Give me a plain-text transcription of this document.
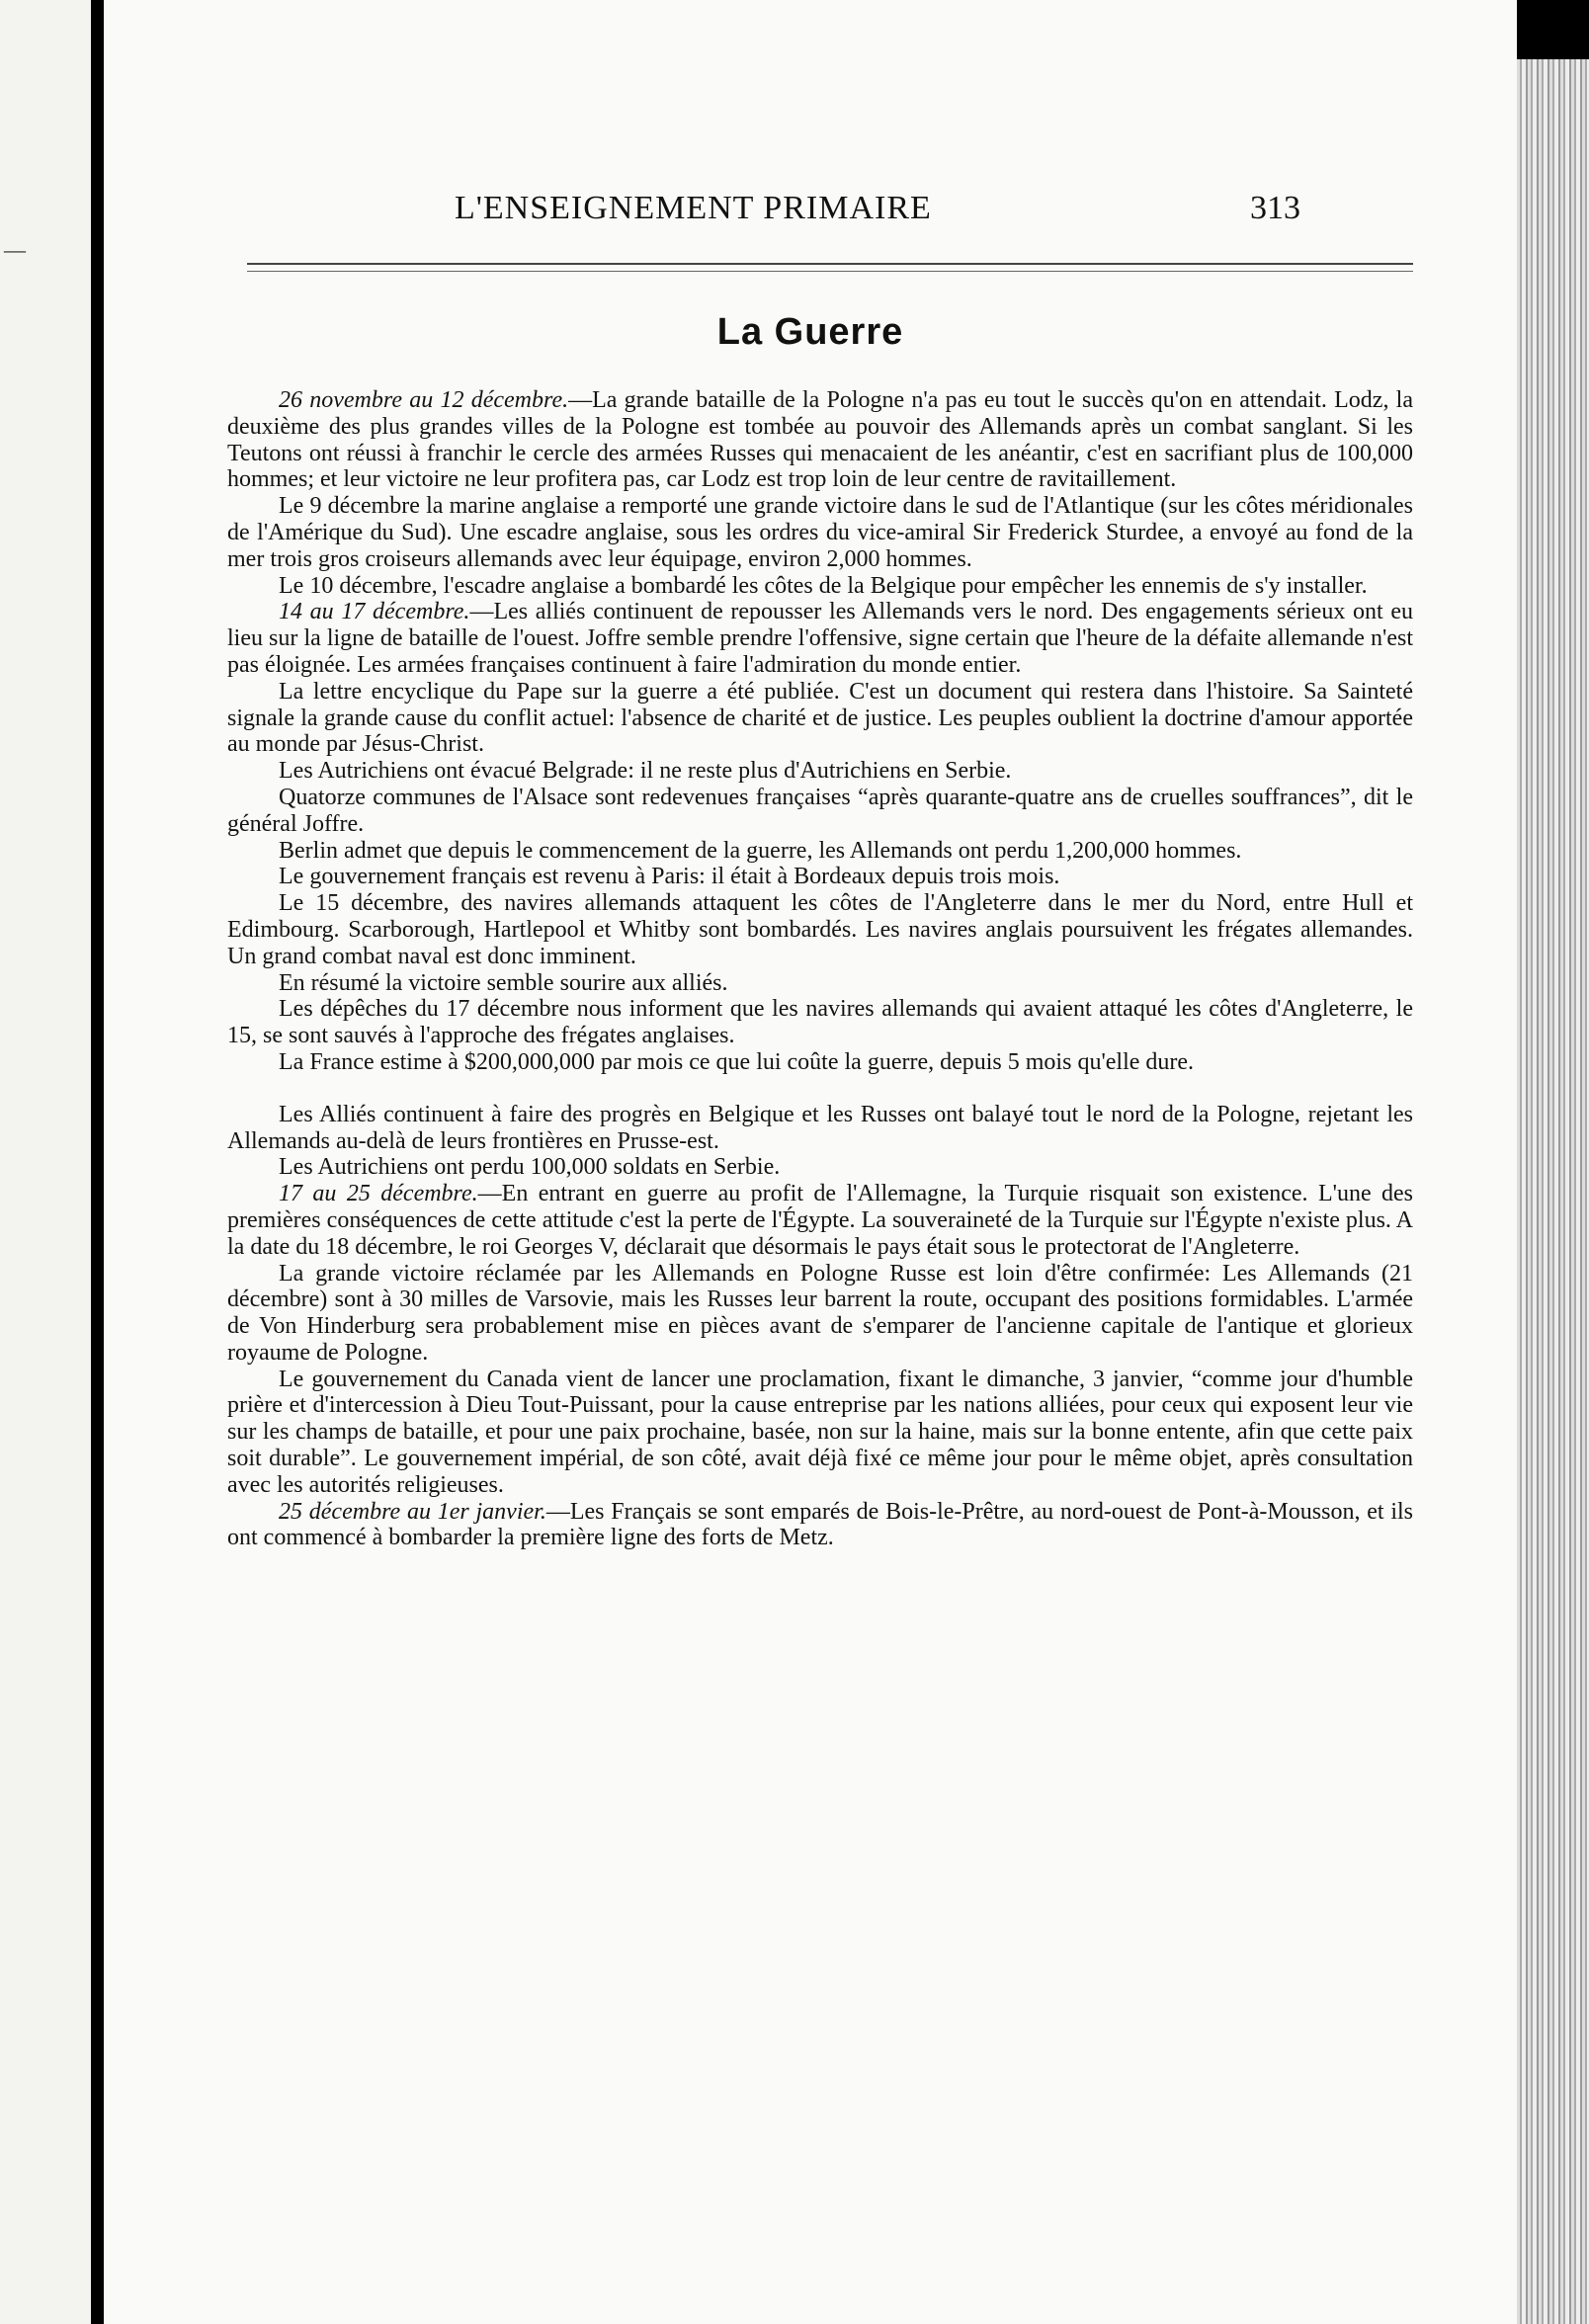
—
L'ENSEIGNEMENT PRIMAIRE	313
La Guerre

26 novembre au 12 décembre.—La grande bataille de la Pologne n'a pas eu tout le succès qu'on en attendait. Lodz, la deuxième des plus grandes villes de la Pologne est tombée au pouvoir des Allemands après un combat sanglant. Si les Teutons ont réussi à franchir le cercle des armées Russes qui menacaient de les anéantir, c'est en sacrifiant plus de 100,000 hommes; et leur victoire ne leur profitera pas, car Lodz est trop loin de leur centre de ravitaillement.

Le 9 décembre la marine anglaise a remporté une grande victoire dans le sud de l'Atlantique (sur les côtes méridionales de l'Amérique du Sud). Une escadre anglaise, sous les ordres du vice-amiral Sir Frederick Sturdee, a envoyé au fond de la mer trois gros croiseurs allemands avec leur équipage, environ 2,000 hommes.

Le 10 décembre, l'escadre anglaise a bombardé les côtes de la Belgique pour empêcher les ennemis de s'y installer.

14 au 17 décembre.—Les alliés continuent de repousser les Allemands vers le nord. Des engagements sérieux ont eu lieu sur la ligne de bataille de l'ouest. Joffre semble prendre l'offensive, signe certain que l'heure de la défaite allemande n'est pas éloignée. Les armées françaises continuent à faire l'admiration du monde entier.

La lettre encyclique du Pape sur la guerre a été publiée. C'est un document qui restera dans l'histoire. Sa Sainteté signale la grande cause du conflit actuel: l'absence de charité et de justice. Les peuples oublient la doctrine d'amour apportée au monde par Jésus-Christ.

Les Autrichiens ont évacué Belgrade: il ne reste plus d'Autrichiens en Serbie.

Quatorze communes de l'Alsace sont redevenues françaises “après quarante-quatre ans de cruelles souffrances”, dit le général Joffre.

Berlin admet que depuis le commencement de la guerre, les Allemands ont perdu 1,200,000 hommes.

Le gouvernement français est revenu à Paris: il était à Bordeaux depuis trois mois.

Le 15 décembre, des navires allemands attaquent les côtes de l'Angleterre dans le mer du Nord, entre Hull et Edimbourg. Scarborough, Hartlepool et Whitby sont bombardés. Les navires anglais poursuivent les frégates allemandes. Un grand combat naval est donc imminent.

En résumé la victoire semble sourire aux alliés.

Les dépêches du 17 décembre nous informent que les navires allemands qui avaient attaqué les côtes d'Angleterre, le 15, se sont sauvés à l'approche des frégates anglaises.

La France estime à $200,000,000 par mois ce que lui coûte la guerre, depuis 5 mois qu'elle dure.

Les Alliés continuent à faire des progrès en Belgique et les Russes ont balayé tout le nord de la Pologne, rejetant les Allemands au-delà de leurs frontières en Prusse-est.

Les Autrichiens ont perdu 100,000 soldats en Serbie.

17 au 25 décembre.—En entrant en guerre au profit de l'Allemagne, la Turquie risquait son existence. L'une des premières conséquences de cette attitude c'est la perte de l'Égypte. La souveraineté de la Turquie sur l'Égypte n'existe plus. A la date du 18 décembre, le roi Georges V, déclarait que désormais le pays était sous le protectorat de l'Angleterre.

La grande victoire réclamée par les Allemands en Pologne Russe est loin d'être confirmée: Les Allemands (21 décembre) sont à 30 milles de Varsovie, mais les Russes leur barrent la route, occupant des positions formidables. L'armée de Von Hinderburg sera probablement mise en pièces avant de s'emparer de l'ancienne capitale de l'antique et glorieux royaume de Pologne.

Le gouvernement du Canada vient de lancer une proclamation, fixant le dimanche, 3 janvier, “comme jour d'humble prière et d'intercession à Dieu Tout-Puissant, pour la cause entreprise par les nations alliées, pour ceux qui exposent leur vie sur les champs de bataille, et pour une paix prochaine, basée, non sur la haine, mais sur la bonne entente, afin que cette paix soit durable”. Le gouvernement impérial, de son côté, avait déjà fixé ce même jour pour le même objet, après consultation avec les autorités religieuses.

25 décembre au 1er janvier.—Les Français se sont emparés de Bois-le-Prêtre, au nord-ouest de Pont-à-Mousson, et ils ont commencé à bombarder la première ligne des forts de Metz.
